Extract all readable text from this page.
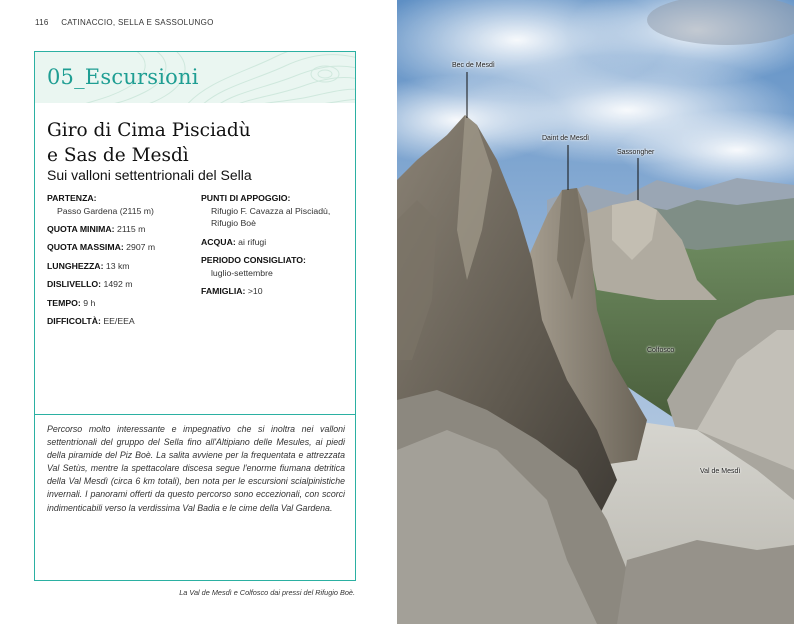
116 CATINACCIO, SELLA E SASSOLUNGO
05_Escursioni
Giro di Cima Pisciadù
e Sas de Mesdì
Sui valloni settentrionali del Sella
PARTENZA:
Passo Gardena (2115 m)
QUOTA MINIMA: 2115 m
QUOTA MASSIMA: 2907 m
LUNGHEZZA: 13 km
DISLIVELLO: 1492 m
TEMPO: 9 h
DIFFICOLTÀ: EE/EEA
PUNTI DI APPOGGIO:
Rifugio F. Cavazza al Pisciadù,
Rifugio Boè
ACQUA: ai rifugi
PERIODO CONSIGLIATO:
luglio-settembre
FAMIGLIA: >10
Percorso molto interessante e impegnativo che si inoltra nei valloni settentrionali del gruppo del Sella fino all'Altipiano delle Mesules, ai piedi della piramide del Piz Boè. La salita avviene per la frequentata e attrezzata Val Setùs, mentre la spettacolare discesa segue l'enorme fiumana detritica della Val Mesdì (circa 6 km totali), ben nota per le escursioni scialpinistiche invernali. I panorami offerti da questo percorso sono eccezionali, con scorci indimenticabili verso la verdissima Val Badia e le cime della Val Gardena.
La Val de Mesdì e Colfosco dai pressi del Rifugio Boè.
Bec de Mesdì
Daint de Mesdì
Sassongher
Colfosco
Val de Mesdì
